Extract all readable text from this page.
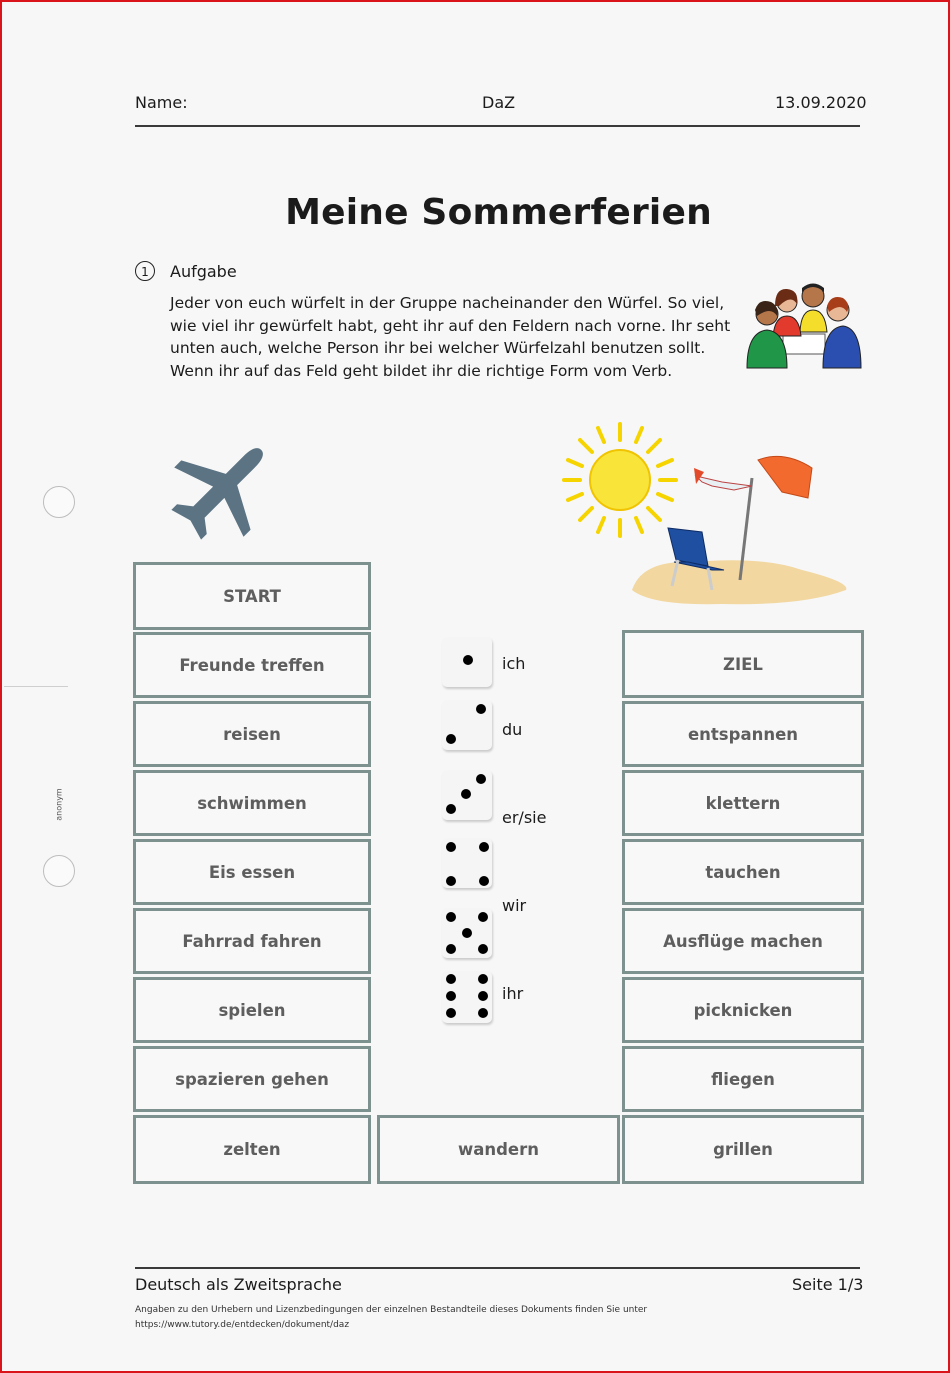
Name:	DaZ	13.09.2020
Meine Sommerferien
1	Aufgabe
Jeder von euch würfelt in der Gruppe nacheinander den Würfel. So viel,
wie viel ihr gewürfelt habt, geht ihr auf den Feldern nach vorne. Ihr seht
unten auch, welche Person ihr bei welcher Würfelzahl benutzen sollt.
Wenn ihr auf das Feld geht bildet ihr die richtige Form vom Verb.
START
Freunde treffen
reisen
schwimmen
Eis essen
Fahrrad fahren
spielen
spazieren gehen
zelten	wandern
ZIEL
entspannen
klettern
tauchen
Ausflüge machen
picknicken
fliegen
grillen
ich
du
er/sie
wir
ihr
anonym
Deutsch als Zweitsprache	Seite 1/3
Angaben zu den Urhebern und Lizenzbedingungen der einzelnen Bestandteile dieses Dokuments finden Sie unter
https://www.tutory.de/entdecken/dokument/daz
